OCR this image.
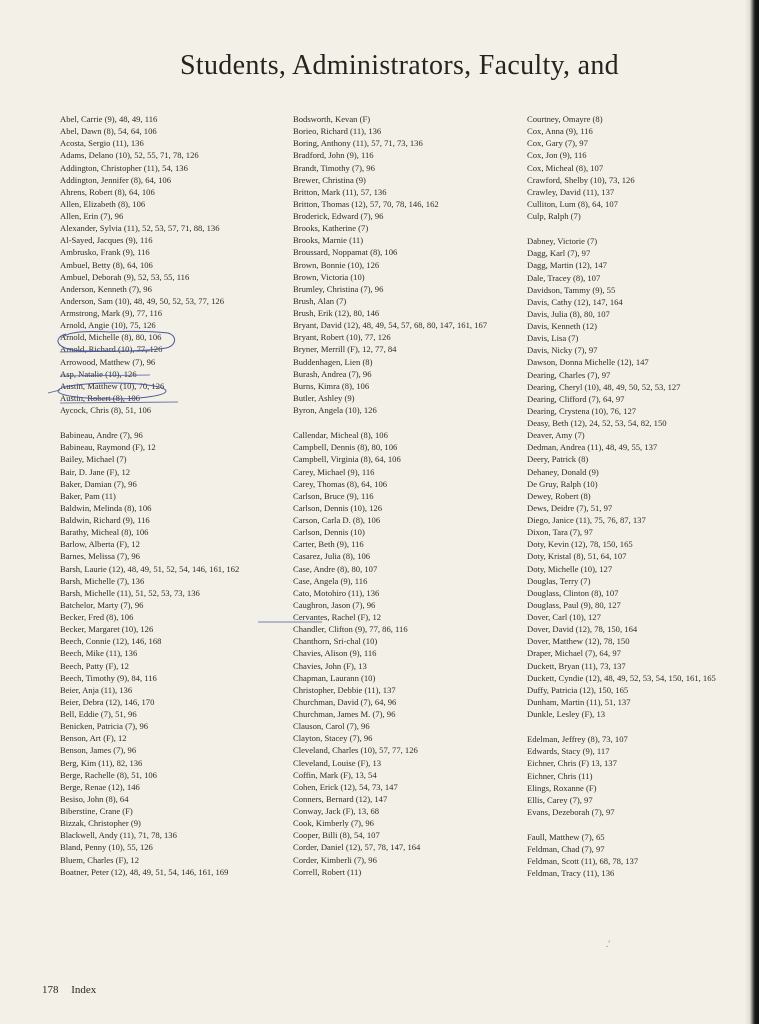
Students, Administrators, Faculty, and
Abel, Carrie (9), 48, 49, 116
Abel, Dawn (8), 54, 64, 106
Acosta, Sergio (11), 136
Adams, Delano (10), 52, 55, 71, 78, 126
Addington, Christopher (11), 54, 136
Addington, Jennifer (8), 64, 106
Ahrens, Robert (8), 64, 106
Allen, Elizabeth (8), 106
Allen, Erin (7), 96
Alexander, Sylvia (11), 52, 53, 57, 71, 88, 136
Al-Sayed, Jacques (9), 116
Ambrusko, Frank (9), 116
Ambuel, Betty (8), 64, 106
Ambuel, Deborah (9), 52, 53, 55, 116
Anderson, Kenneth (7), 96
Anderson, Sam (10), 48, 49, 50, 52, 53, 77, 126
Armstrong, Mark (9), 77, 116
Arnold, Angie (10), 75, 126
Arnold, Michelle (8), 80, 106
Arnold, Richard (10), 77, 126
Arrowood, Matthew (7), 96
Asp, Natalie (10), 126
Austin, Matthew (10), 70, 126
Austin, Robert (8), 106
Aycock, Chris (8), 51, 106
Babineau, Andre (7), 96
Babineau, Raymond (F), 12
Bailey, Michael (7)
Bair, D. Jane (F), 12
Baker, Damian (7), 96
Baker, Pam (11)
Baldwin, Melinda (8), 106
Baldwin, Richard (9), 116
Barathy, Micheal (8), 106
Barlow, Alberta (F), 12
Barnes, Melissa (7), 96
Barsh, Laurie (12), 48, 49, 51, 52, 54, 146, 161, 162
Barsh, Michelle (7), 136
Barsh, Michelle (11), 51, 52, 53, 73, 136
Batchelor, Marty (7), 96
Becker, Fred (8), 106
Becker, Margaret (10), 126
Beech, Connie (12), 146, 168
Beech, Mike (11), 136
Beech, Patty (F), 12
Beech, Timothy (9), 84, 116
Beier, Anja (11), 136
Beier, Debra (12), 146, 170
Bell, Eddie (7), 51, 96
Benicken, Patricia (7), 96
Benson, Art (F), 12
Benson, James (7), 96
Berg, Kim (11), 82, 136
Berge, Rachelle (8), 51, 106
Berge, Renae (12), 146
Besiso, John (8), 64
Biberstine, Crane (F)
Bizzak, Christopher (9)
Blackwell, Andy (11), 71, 78, 136
Bland, Penny (10), 55, 126
Bluem, Charles (F), 12
Boatner, Peter (12), 48, 49, 51, 54, 146, 161, 169
Bodsworth, Kevan (F)
Borieo, Richard (11), 136
Boring, Anthony (11), 57, 71, 73, 136
Bradford, John (9), 116
Brandt, Timothy (7), 96
Brewer, Christina (9)
Britton, Mark (11), 57, 136
Britton, Thomas (12), 57, 70, 78, 146, 162
Broderick, Edward (7), 96
Brooks, Katherine (7)
Brooks, Marnie (11)
Broussard, Noppamat (8), 106
Brown, Bonnie (10), 126
Brown, Victoria (10)
Brumley, Christina (7), 96
Brush, Alan (7)
Brush, Erik (12), 80, 146
Bryant, David (12), 48, 49, 54, 57, 68, 80, 147, 161, 167
Bryant, Robert (10), 77, 126
Bryner, Merrill (F), 12, 77, 84
Buddenhagen, Lien (8)
Burash, Andrea (7), 96
Burns, Kimra (8), 106
Butler, Ashley (9)
Byron, Angela (10), 126
Callendar, Micheal (8), 106
Campbell, Dennis (8), 80, 106
Campbell, Virginia (8), 64, 106
Carey, Michael (9), 116
Carey, Thomas (8), 64, 106
Carlson, Bruce (9), 116
Carlson, Dennis (10), 126
Carson, Carla D. (8), 106
Carlson, Dennis (10)
Carter, Beth (9), 116
Casarez, Julia (8), 106
Case, Andre (8), 80, 107
Case, Angela (9), 116
Cato, Motohiro (11), 136
Caughron, Jason (7), 96
Cervantes, Rachel (F), 12
Chandler, Clifton (9), 77, 86, 116
Chanthorn, Sri-chal (10)
Chavies, Alison (9), 116
Chavies, John (F), 13
Chapman, Laurann (10)
Christopher, Debbie (11), 137
Churchman, David (7), 64, 96
Churchman, James M. (7), 96
Clauson, Carol (7), 96
Clayton, Stacey (7), 96
Cleveland, Charles (10), 57, 77, 126
Cleveland, Louise (F), 13
Coffin, Mark (F), 13, 54
Cohen, Erick (12), 54, 73, 147
Conners, Bernard (12), 147
Conway, Jack (F), 13, 68
Cook, Kimberly (7), 96
Cooper, Billi (8), 54, 107
Corder, Daniel (12), 57, 78, 147, 164
Corder, Kimberli (7), 96
Correll, Robert (11)
Courtney, Omayre (8)
Cox, Anna (9), 116
Cox, Gary (7), 97
Cox, Jon (9), 116
Cox, Micheal (8), 107
Crawford, Shelby (10), 73, 126
Crawley, David (11), 137
Culliton, Lum (8), 64, 107
Culp, Ralph (7)
Dabney, Victorie (7)
Dagg, Karl (7), 97
Dagg, Martin (12), 147
Dale, Tracey (8), 107
Davidson, Tammy (9), 55
Davis, Cathy (12), 147, 164
Davis, Julia (8), 80, 107
Davis, Kenneth (12)
Davis, Lisa (7)
Davis, Nicky (7), 97
Dawson, Donna Michelle (12), 147
Dearing, Charles (7), 97
Dearing, Cheryl (10), 48, 49, 50, 52, 53, 127
Dearing, Clifford (7), 64, 97
Dearing, Crystena (10), 76, 127
Deasy, Beth (12), 24, 52, 53, 54, 82, 150
Deaver, Amy (7)
Dedman, Andrea (11), 48, 49, 55, 137
Deery, Patrick (8)
Dehaney, Donald (9)
De Gruy, Ralph (10)
Dewey, Robert (8)
Dews, Deidre (7), 51, 97
Diego, Janice (11), 75, 76, 87, 137
Dixon, Tara (7), 97
Doty, Kevin (12), 78, 150, 165
Doty, Kristal (8), 51, 64, 107
Doty, Michelle (10), 127
Douglas, Terry (7)
Douglass, Clinton (8), 107
Douglass, Paul (9), 80, 127
Dover, Carl (10), 127
Dover, David (12), 78, 150, 164
Dover, Matthew (12), 78, 150
Draper, Michael (7), 64, 97
Duckett, Bryan (11), 73, 137
Duckett, Cyndie (12), 48, 49, 52, 53, 54, 150, 161, 165
Duffy, Patricia (12), 150, 165
Dunham, Martin (11), 51, 137
Dunkle, Lesley (F), 13
Edelman, Jeffrey (8), 73, 107
Edwards, Stacy (9), 117
Eichner, Chris (F) 13, 137
Eichner, Chris (11)
Elings, Roxanne (F)
Ellis, Carey (7), 97
Evans, Dezeborah (7), 97
Faull, Matthew (7), 65
Feldman, Chad (7), 97
Feldman, Scott (11), 68, 78, 137
Feldman, Tracy (11), 136
.′
178 Index
